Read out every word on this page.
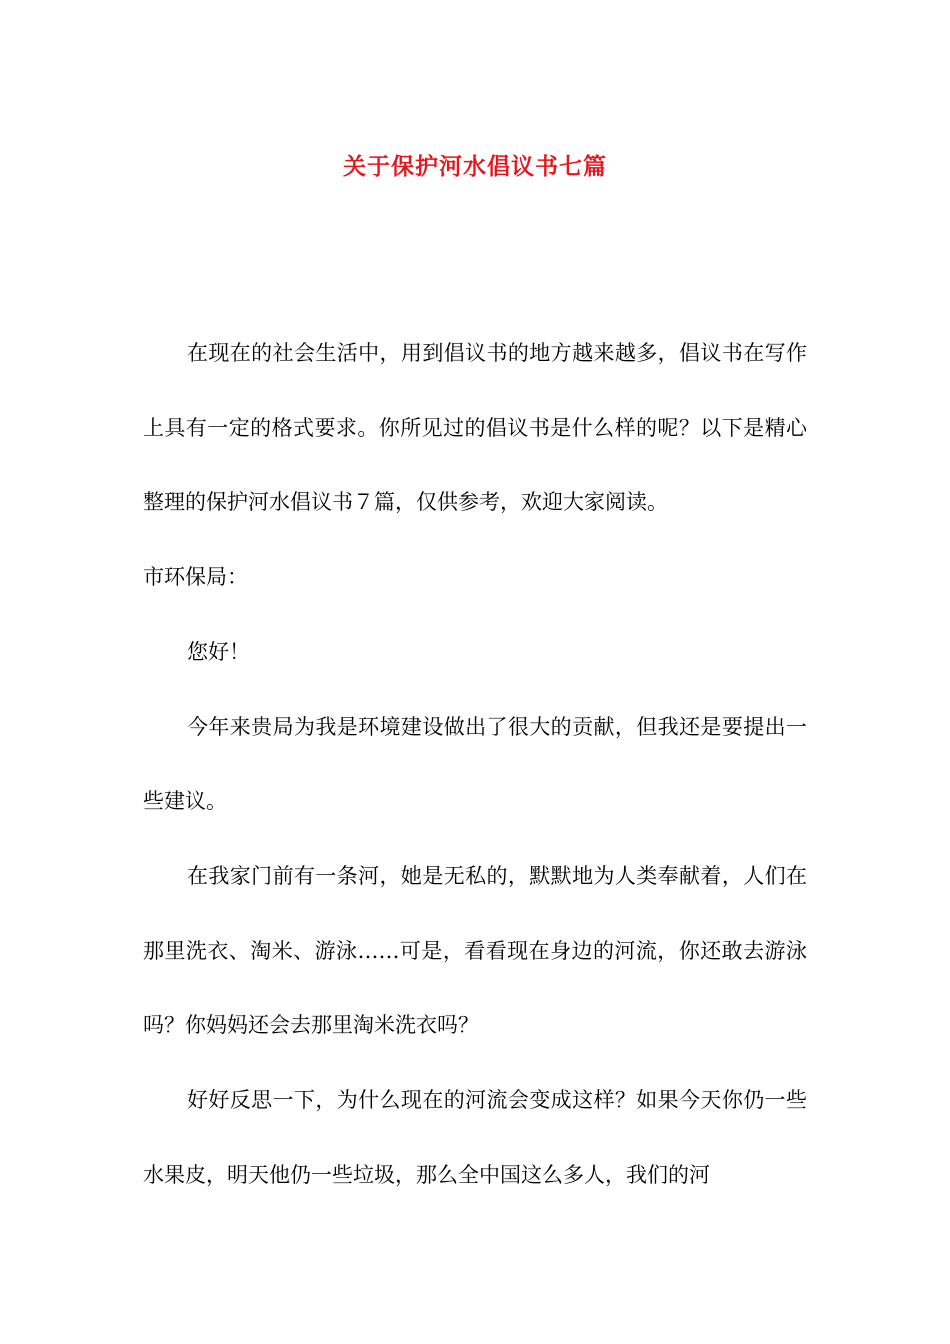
关于保护河水倡议书七篇

在现在的社会生活中，用到倡议书的地方越来越多，倡议书在写作上具有一定的格式要求。你所见过的倡议书是什么样的呢？以下是精心整理的保护河水倡议书７篇，仅供参考，欢迎大家阅读。

市环保局：

您好！

今年来贵局为我是环境建设做出了很大的贡献，但我还是要提出一些建议。

在我家门前有一条河，她是无私的，默默地为人类奉献着，人们在那里洗衣、淘米、游泳……可是，看看现在身边的河流，你还敢去游泳吗？你妈妈还会去那里淘米洗衣吗？

好好反思一下，为什么现在的河流会变成这样？如果今天你仍一些水果皮，明天他仍一些垃圾，那么全中国这么多人，我们的河
